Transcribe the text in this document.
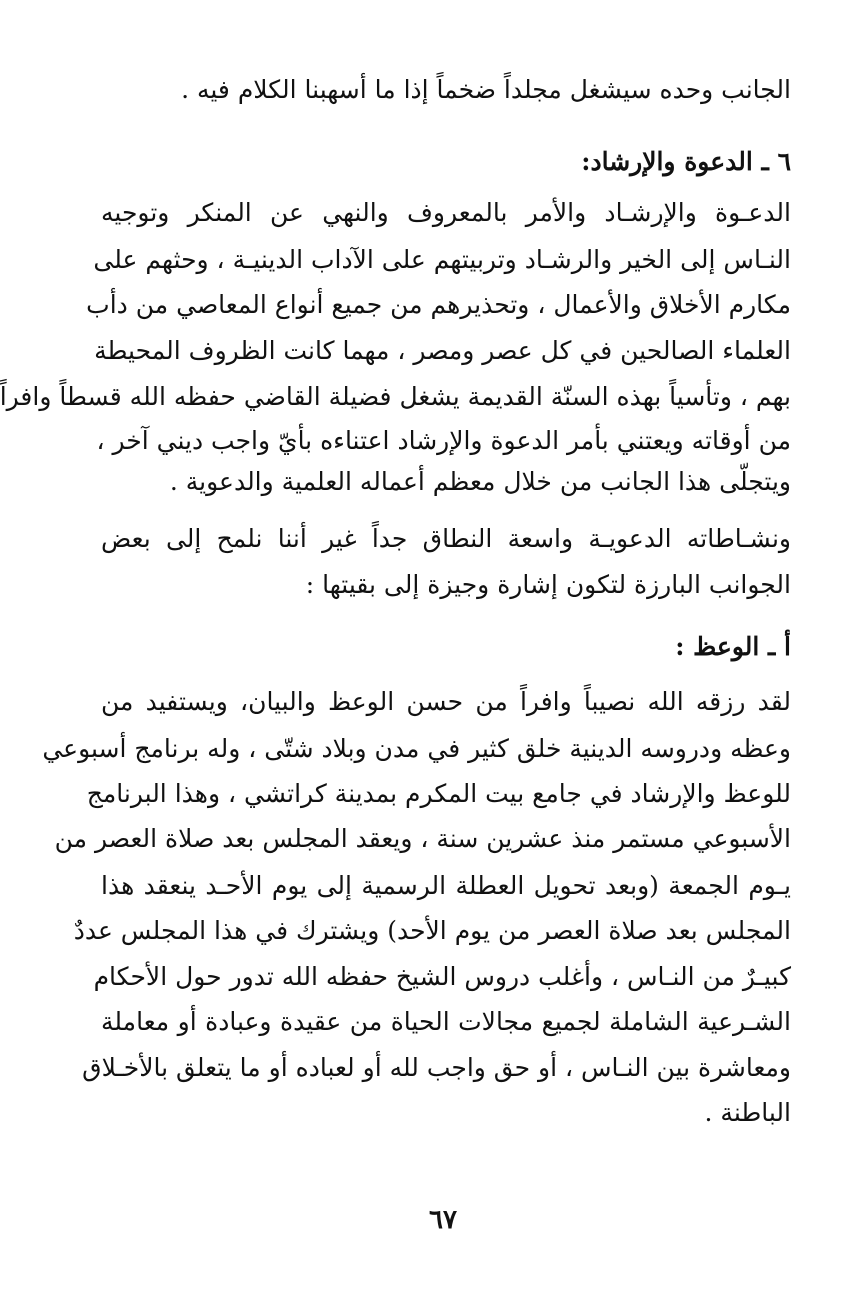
الجانب وحده سيشغل مجلداً ضخماً إذا ما أسهبنا الكلام فيه .

٦ ـ الدعوة والإرشاد:

الدعـوة والإرشـاد والأمر بالمعروف والنهي عن المنكر وتوجيه

النـاس إلى الخير والرشـاد وتربيتهم على الآداب الدينيـة ، وحثهم على

مكارم الأخلاق والأعمال ، وتحذيرهم من جميع أنواع المعاصي من دأب

العلماء الصالحين في كل عصر ومصر ، مهما كانت الظروف المحيطة

بهم ، وتأسياً بهذه السنّة القديمة يشغل فضيلة القاضي حفظه الله قسطاً وافراً

من أوقاته ويعتني بأمر الدعوة والإرشاد اعتناءه بأيّ واجب ديني آخر ،

ويتجلّى هذا الجانب من خلال معظم أعماله العلمية والدعوية .

ونشـاطاته الدعويـة واسعة النطاق جداً غير أننا نلمح إلى بعض

الجوانب البارزة لتكون إشارة وجيزة إلى بقيتها :

أ ـ الوعظ :

لقد رزقه الله نصيباً وافراً من حسن الوعظ والبيان، ويستفيد من

وعظه ودروسه الدينية خلق كثير في مدن وبلاد شتّى ، وله برنامج أسبوعي

للوعظ والإرشاد في جامع بيت المكرم بمدينة كراتشي ، وهذا البرنامج

الأسبوعي مستمر منذ عشرين سنة ، ويعقد المجلس بعد صلاة العصر من

يـوم الجمعة (وبعد تحويل العطلة الرسمية إلى يوم الأحـد ينعقد هذا

المجلس بعد صلاة العصر من يوم الأحد) ويشترك في هذا المجلس عددٌ

كبيـرٌ من النـاس ، وأغلب دروس الشيخ حفظه الله تدور حول الأحكام

الشـرعية الشاملة لجميع مجالات الحياة من عقيدة وعبادة أو معاملة

ومعاشرة بين النـاس ، أو حق واجب لله أو لعباده أو ما يتعلق بالأخـلاق

الباطنة .

٦٧
